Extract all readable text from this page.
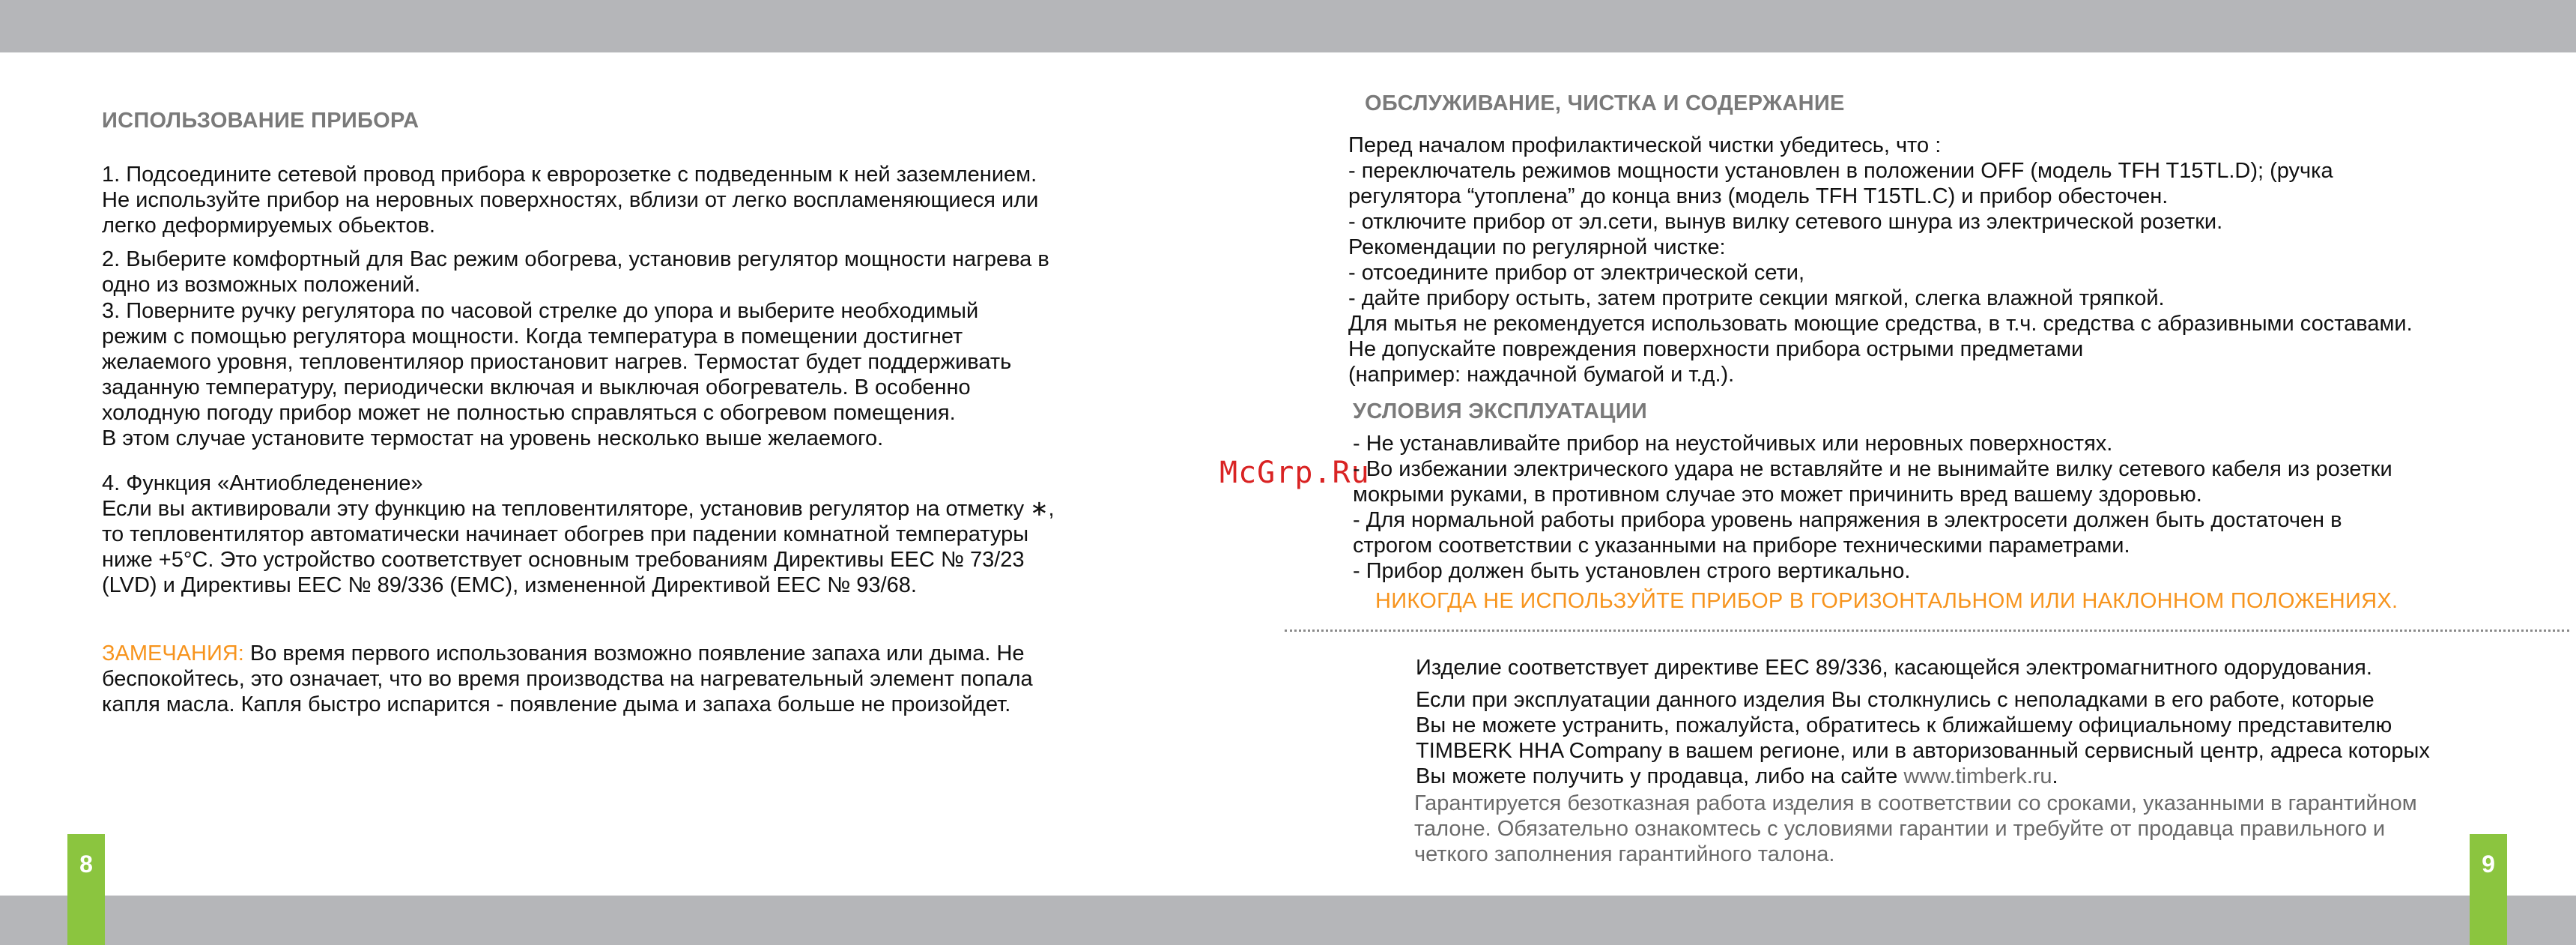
8	9
ИСПОЛЬЗОВАНИЕ ПРИБОРА
1. Подсоедините сетевой провод прибора к евророзетке с подведенным к ней заземлением.
Не используйте прибор на неровных поверхностях, вблизи от легко воспламеняющиеся или
легко деформируемых обьектов.
2. Выберите комфортный для Вас режим обогрева, установив регулятор мощности нагрева в
одно из возможных положений.
3. Поверните ручку регулятора по часовой стрелке до упора и выберите необходимый
режим с помощью регулятора мощности. Когда температура в помещении достигнет
желаемого уровня, тепловентиляор приостановит нагрев. Термостат будет поддерживать
заданную температуру, периодически включая и выключая обогреватель. В особенно
холодную погоду прибор может не полностью справляться с обогревом помещения.
В этом случае установите термостат на уровень несколько выше желаемого.
4. Функция «Антиобледенение»
Если вы активировали эту функцию на тепловентиляторе, установив регулятор на отметку ∗,
то тепловентилятор автоматически начинает обогрев при падении комнатной температуры
ниже +5°С. Это устройство соответствует основным требованиям Директивы ЕЕС № 73/23
(LVD) и Директивы ЕЕС № 89/336 (EMC), измененной Директивой ЕЕС № 93/68.
ЗАМЕЧАНИЯ: Во время первого использования возможно появление запаха или дыма. Не
беспокойтесь, это означает, что во время производства на нагревательный элемент попала
капля масла. Капля быстро испарится - появление дыма и запаха больше не произойдет.
McGrp.Ru
ОБСЛУЖИВАНИЕ, ЧИСТКА И СОДЕРЖАНИЕ
Перед началом профилактической чистки убедитесь, что :
- переключатель режимов мощности установлен в положении OFF (модель TFH T15TL.D); (ручка
регулятора “утоплена” до конца вниз (модель TFH T15TL.C) и прибор обесточен.
- отключите прибор от эл.сети, вынув вилку сетевого шнура из электрической розетки.
Рекомендации по регулярной чистке:
- отсоедините прибор от электрической сети,
- дайте прибору остыть, затем протрите секции мягкой, слегка влажной тряпкой.
Для мытья не рекомендуется использовать моющие средства, в т.ч. средства с абразивными составами.
Не допускайте повреждения поверхности прибора острыми предметами
(например: наждачной бумагой и т.д.).
УСЛОВИЯ ЭКСПЛУАТАЦИИ
- Не устанавливайте прибор на неустойчивых или неровных поверхностях.
- Во избежании электрического удара не вставляйте и не вынимайте вилку сетевого кабеля из розетки
мокрыми руками, в противном случае это может причинить вред вашему здоровью.
- Для нормальной работы прибора уровень напряжения в электросети должен быть достаточен в
строгом соответствии с указанными на приборе техническими параметрами.
- Прибор должен быть установлен строго вертикально.
НИКОГДА НЕ ИСПОЛЬЗУЙТЕ ПРИБОР В ГОРИЗОНТАЛЬНОМ ИЛИ НАКЛОННОМ ПОЛОЖЕНИЯХ.
Изделие соответствует директиве ЕЕС 89/336, касающейся электромагнитного одорудования.
Если при эксплуатации данного изделия Вы столкнулись с неполадками в его работе, которые
Вы не можете устранить, пожалуйста, обратитесь к ближайшему официальному представителю
TIMBERK HHA Company в вашем регионе, или в авторизованный сервисный центр, адреса которых
Вы можете получить у продавца, либо на сайте www.timberk.ru.
Гарантируется безотказная работа изделия в соответствии со сроками, указанными в гарантийном
талоне. Обязательно ознакомтесь с условиями гарантии и требуйте от продавца правильного и
четкого заполнения гарантийного талона.
